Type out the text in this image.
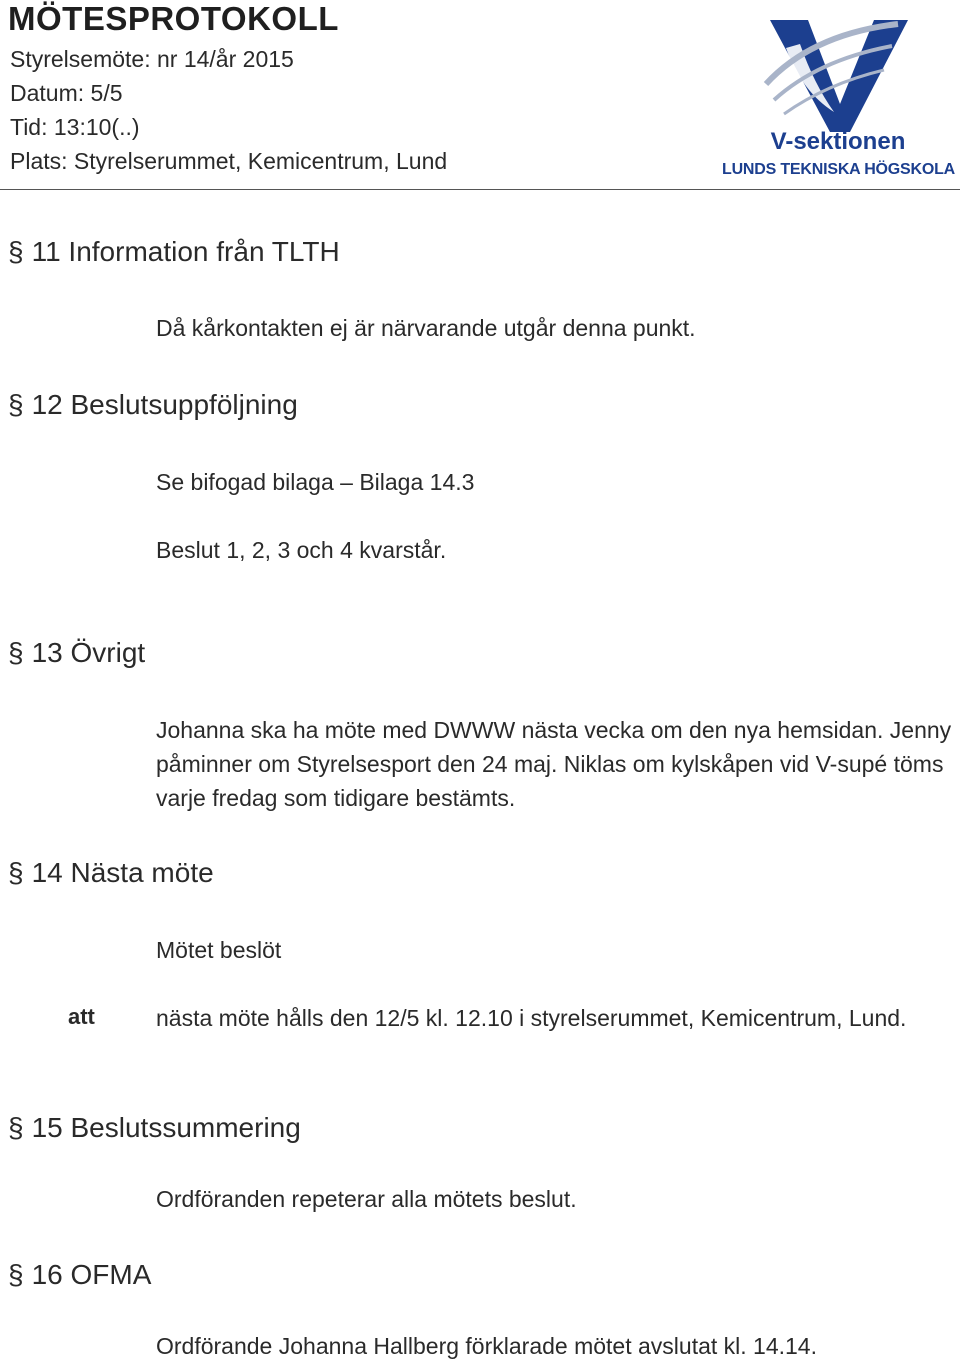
MÖTESPROTOKOLL
Styrelsemöte: nr 14/år 2015
Datum: 5/5
Tid: 13:10(..)
Plats: Styrelserummet, Kemicentrum, Lund
V-sektionen
LUNDS TEKNISKA HÖGSKOLA
§ 11 Information från TLTH
Då kårkontakten ej är närvarande utgår denna punkt.
§ 12 Beslutsuppföljning
Se bifogad bilaga – Bilaga 14.3
Beslut 1, 2, 3 och 4 kvarstår.
§ 13 Övrigt
Johanna ska ha möte med DWWW nästa vecka om den nya hemsidan. Jenny påminner om Styrelsesport den 24 maj. Niklas om kylskåpen vid V-supé töms varje fredag som tidigare bestämts.
§ 14 Nästa möte
Mötet beslöt
att	nästa möte hålls den 12/5 kl. 12.10 i styrelserummet, Kemicentrum, Lund.
§ 15 Beslutssummering
Ordföranden repeterar alla mötets beslut.
§ 16 OFMA
Ordförande Johanna Hallberg förklarade mötet avslutat kl. 14.14.
